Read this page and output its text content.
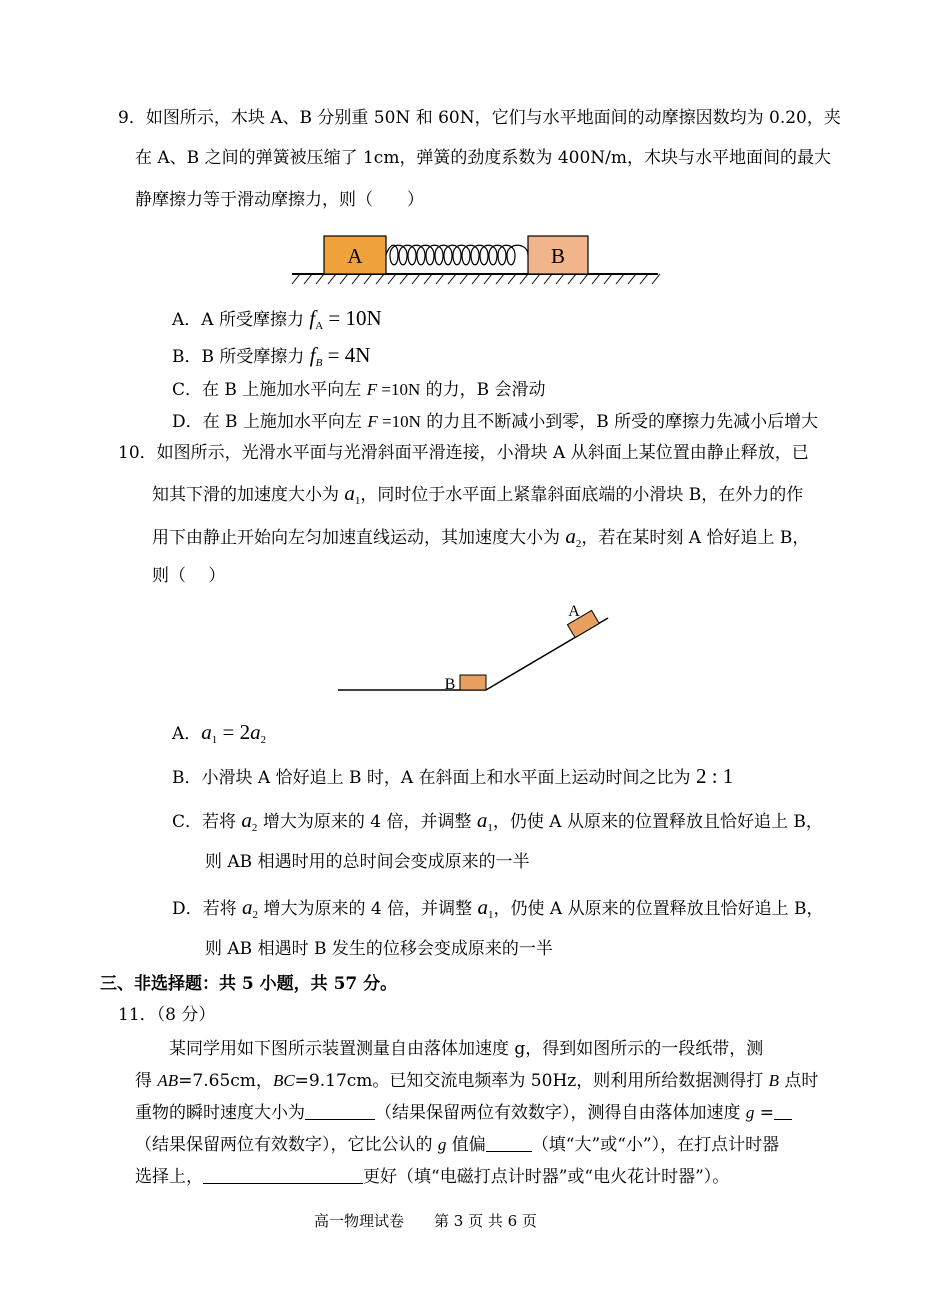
9．如图所示，木块 A、B 分别重 50N 和 60N，它们与水平地面间的动摩擦因数均为 0.20，夹
在 A、B 之间的弹簧被压缩了 1cm，弹簧的劲度系数为 400N/m，木块与水平地面间的最大
静摩擦力等于滑动摩擦力，则（　　）
A	B
A．A 所受摩擦力 $f_A = 10N$
B．B 所受摩擦力 $f_B = 4N$
C．在 B 上施加水平向左 F =10N 的力，B 会滑动
D．在 B 上施加水平向左 F =10N 的力且不断减小到零，B 所受的摩擦力先减小后增大
10．如图所示，光滑水平面与光滑斜面平滑连接，小滑块 A 从斜面上某位置由静止释放，已
知其下滑的加速度大小为 $a_1$，同时位于水平面上紧靠斜面底端的小滑块 B，在外力的作
用下由静止开始向左匀加速直线运动，其加速度大小为 $a_2$，若在某时刻 A 恰好追上 B，
则（　 ）
B
A
A．$a_1 = 2a_2$
B．小滑块 A 恰好追上 B 时，A 在斜面上和水平面上运动时间之比为 2 : 1
C．若将 $a_2$ 增大为原来的 4 倍，并调整 $a_1$，仍使 A 从原来的位置释放且恰好追上 B，
则 AB 相遇时用的总时间会变成原来的一半
D．若将 $a_2$ 增大为原来的 4 倍，并调整 $a_1$，仍使 A 从原来的位置释放且恰好追上 B，
则 AB 相遇时 B 发生的位移会变成原来的一半
三、非选择题：共 5 小题，共 57 分。
11．（8 分）
某同学用如下图所示装置测量自由落体加速度 g，得到如图所示的一段纸带，测
得 AB=7.65cm，BC=9.17cm。已知交流电频率为 50Hz，则利用所给数据测得打 B 点时
重物的瞬时速度大小为	（结果保留两位有效数字），测得自由落体加速度 g =
（结果保留两位有效数字），它比公认的 g 值偏	（填“大”或“小”），在打点计时器
选择上，	更好（填“电磁打点计时器”或“电火花计时器”）。
高一物理试卷　　第 3 页 共 6 页
